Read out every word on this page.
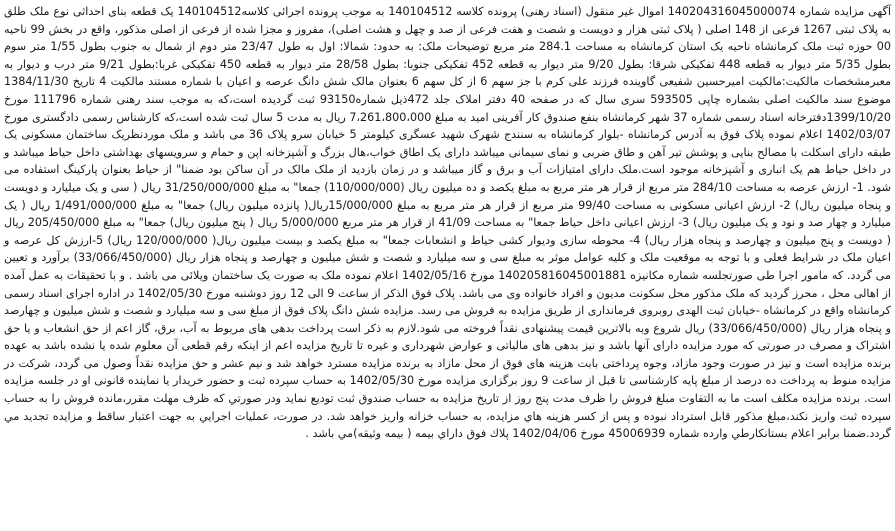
آگهی مزایده شماره 140204316045000074 اموال غیر منقول (اسناد رهنی) پرونده کلاسه 140104512 به موجب پرونده اجرائی کلاسه140104512 یک قطعه بنای احداثی نوع ملک طلق به پلاک ثبتی 1267 فرعی از 148 اصلی ( پلاک ثبتی هزار و دویست و شصت و هفت فرعی از صد و چهل و هشت اصلی)، مفروز و مجزا شده از فرعی از اصلی مذکور، واقع در بخش 99 ناحیه 00 حوزه ثبت ملک کرمانشاه ناحیه یک استان کرمانشاه به مساحت 284.1 متر مربع توضیحات ملک: به حدود: شمالا: اول به طول 23/47 متر دوم از شمال به جنوب بطول 1/55 متر سوم بطول 5/35 متر دیوار به قطعه 448 تفکیکی شرقا: بطول 9/20 متر دیوار به قطعه 452 تفکیکی جنوبا: بطول 28/58 متر دیوار به قطعه 450 تفکیکی غربا:بطول 9/21 متر درب و دیوار به معبرمشخصات مالکیت:مالکیت امیرحسین شفیعی گاوینده فرزند علی کرم با جز سهم 6 از کل سهم 6 بعنوان مالک شش دانگ عرصه و اعیان با شماره مستند مالکیت 4 تاریخ 1384/11/30 موضوع سند مالکیت اصلی بشماره چاپی 593505 سری سال که در صفحه 40 دفتر املاک جلد 472ذیل شماره93150 ثبت گردیده است،که به موجب سند رهنی شماره 111796 مورخ 1399/10/20دفترخانه اسناد رسمی شماره 37 شهر کرمانشاه بنفع صندوق کار آفرینی امید به مبلغ 7،261،800،000 ریال به مدت 5 سال ثبت شده است،که کارشناس رسمی دادگستری مورخ 1402/03/07 اعلام نموده پلاک فوق به آدرس کرمانشاه -بلوار کرمانشاه به سنندج شهرک شهید عسگری کیلومتر 5 خیابان سرو پلاک 36 می باشد و ملک موردنظریک ساختمان مسکونی یک طبقه دارای اسکلت با مصالح بنایی و پوشش تیر آهن و طاق ضربی و نمای سیمانی میباشد دارای یک اطاق خواب،هال بزرگ و آشپزخانه اپن و حمام و سرویسهای بهداشتی داخل حیاط میباشد و در داخل حیاط هم یک انباری و آشپزخانه موجود است.ملک دارای امتیازات آب و برق و گاز میباشد و در زمان بازدید از ملک مالک در آن ساکن بود ضمنا" از حیاط بعنوان پارکینگ استفاده می شود. 1- ارزش عرصه به مساحت 284/10 متر مربع از قرار هر متر مربع به مبلغ یکصد و ده میلیون ریال (110/000/000) جمعا" به مبلغ 31/250/000/000 ریال ( سی و یک میلیارد و دویست و پنجاه میلیون ریال) 2- ارزش اعیانی مسکونی به مساحت 99/40 متر مربع از قرار هر متر مربع به مبلغ 15/000/000ریال( پانزده میلیون ریال) جمعا" به مبلغ 1/491/000/000 ریال ( یک میلیارد و چهار صد و نود و یک میلیون ریال) 3- ارزش اعیانی داخل حیاط جمعا" به مساحت 41/09 از قرار هر متر مربع 5/000/000 ریال ( پنج میلیون ریال) جمعا" به مبلغ 205/450/000 ریال ( دویست و پنج میلیون و چهارصد و پنجاه هزار ریال) 4- محوطه سازی ودیوار کشی حیاط و انشعابات جمعا" به مبلغ یکصد و بیست میلیون ریال( 120/000/000 ریال) 5-ارزش کل عرصه و اعیان ملک در شرایط فعلی و با توجه به موقعیت ملک و کلیه عوامل موثر به مبلغ سی و سه میلیارد و شصت و شش میلیون و چهارصد و پنجاه هزار ریال (33/066/450/000) برآورد و تعیین می گردد. که مامور اجرا طی صورتجلسه شماره مکانیزه 140205816045001881 مورخ 1402/05/16 اعلام نموده ملک به صورت یک ساختمان ویلائی می باشد . و با تحقیقات به عمل آمده از اهالی محل ، محرز گردید که ملک مذکور محل سکونت مدیون و افراد خانواده وی می باشد. پلاک فوق الذکر از ساعت 9 الی 12 روز دوشنبه مورخ 1402/05/30 در اداره اجرای اسناد رسمی کرمانشاه واقع در کرمانشاه -خیابان ثبت الهدی روبروی فرمانداری از طریق مزایده به فروش می رسد. مزایده شش دانگ پلاک فوق از مبلغ سی و سه میلیارد و شصت و شش میلیون و چهارصد و پنجاه هزار ریال (33/066/450/000) ریال شروع وبه بالاترین قیمت پیشنهادی نقداً فروخته می شود.لازم به ذکر است پرداخت بدهی های مربوط به آب، برق، گاز اعم از حق انشعاب و یا حق اشتراک و مصرف در صورتی که مورد مزایده دارای آنها باشد و نیز بدهی های مالیاتی و عوارض شهرداری و غیره تا تاریخ مزایده اعم از اینکه رقم قطعی آن معلوم شده یا نشده باشد به عهده برنده مزایده است و نیز در صورت وجود مازاد، وجوه پرداختی بابت هزینه های فوق از محل مازاد به برنده مزایده مسترد خواهد شد و نیم عشر و حق مزایده نقداً وصول می گردد، شرکت در مزایده منوط به پرداخت ده درصد از مبلغ پایه کارشناسی تا قبل از ساعت 9 روز برگزاری مزایده مورخ 1402/05/30 به حساب سپرده ثبت و حضور خریدار یا نماینده قانونی او در جلسه مزایده است. برنده مزایده مکلف است ما به التفاوت مبلغ فروش را ظرف مدت پنج روز از تاریخ مزایده به حساب صندوق ثبت توديع نمايد ودر صورتي كه ظرف مهلت مقرر،مانده فروش را به حساب سپرده ثبت واريز نكند،مبلغ مذكور قابل استرداد نبوده و پس از كسر هزينه هاي مزايده، به حساب خزانه واريز خواهد شد. در صورت، عمليات اجرايي به جهت اعتبار ساقط و مزايده تجديد مي گردد.ضمنا برابر اعلام بستانكارطي وارده شماره 45006939 مورخ 1402/04/06 پلاك فوق داراي بيمه ( بيمه وثيقه)مي باشد .
